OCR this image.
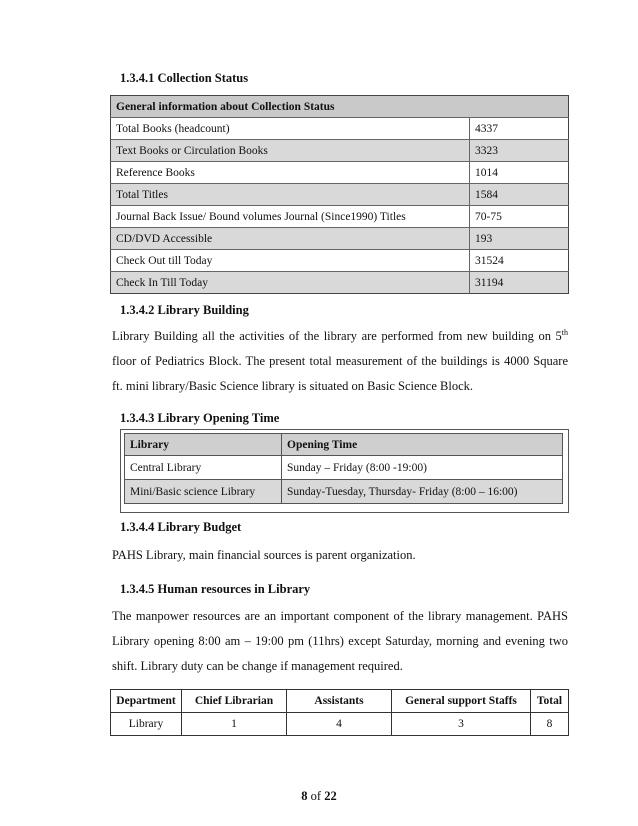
1.3.4.1 Collection Status
General information about Collection Status	
Total Books (headcount)	4337
Text Books or Circulation Books	3323
Reference Books	1014
Total Titles	1584
Journal Back Issue/ Bound volumes Journal (Since1990) Titles	70-75
CD/DVD Accessible	193
Check Out till Today	31524
Check In Till Today	31194
1.3.4.2 Library Building
Library Building all the activities of the library are performed from new building on 5th
floor of Pediatrics Block. The present total measurement of the buildings is 4000 Square
ft. mini library/Basic Science library is situated on Basic Science Block.
1.3.4.3 Library Opening Time
Library	Opening Time
Central Library	Sunday – Friday (8:00 -19:00)
Mini/Basic science Library	Sunday-Tuesday, Thursday- Friday (8:00 – 16:00)
1.3.4.4 Library Budget
PAHS Library, main financial sources is parent organization.
1.3.4.5 Human resources in Library
The manpower resources are an important component of the library management. PAHS
Library opening 8:00 am – 19:00 pm (11hrs) except Saturday, morning and evening two
shift. Library duty can be change if management required.
Department	Chief Librarian	Assistants	General support Staffs	Total
Library	1	4	3	8
8 of 22
